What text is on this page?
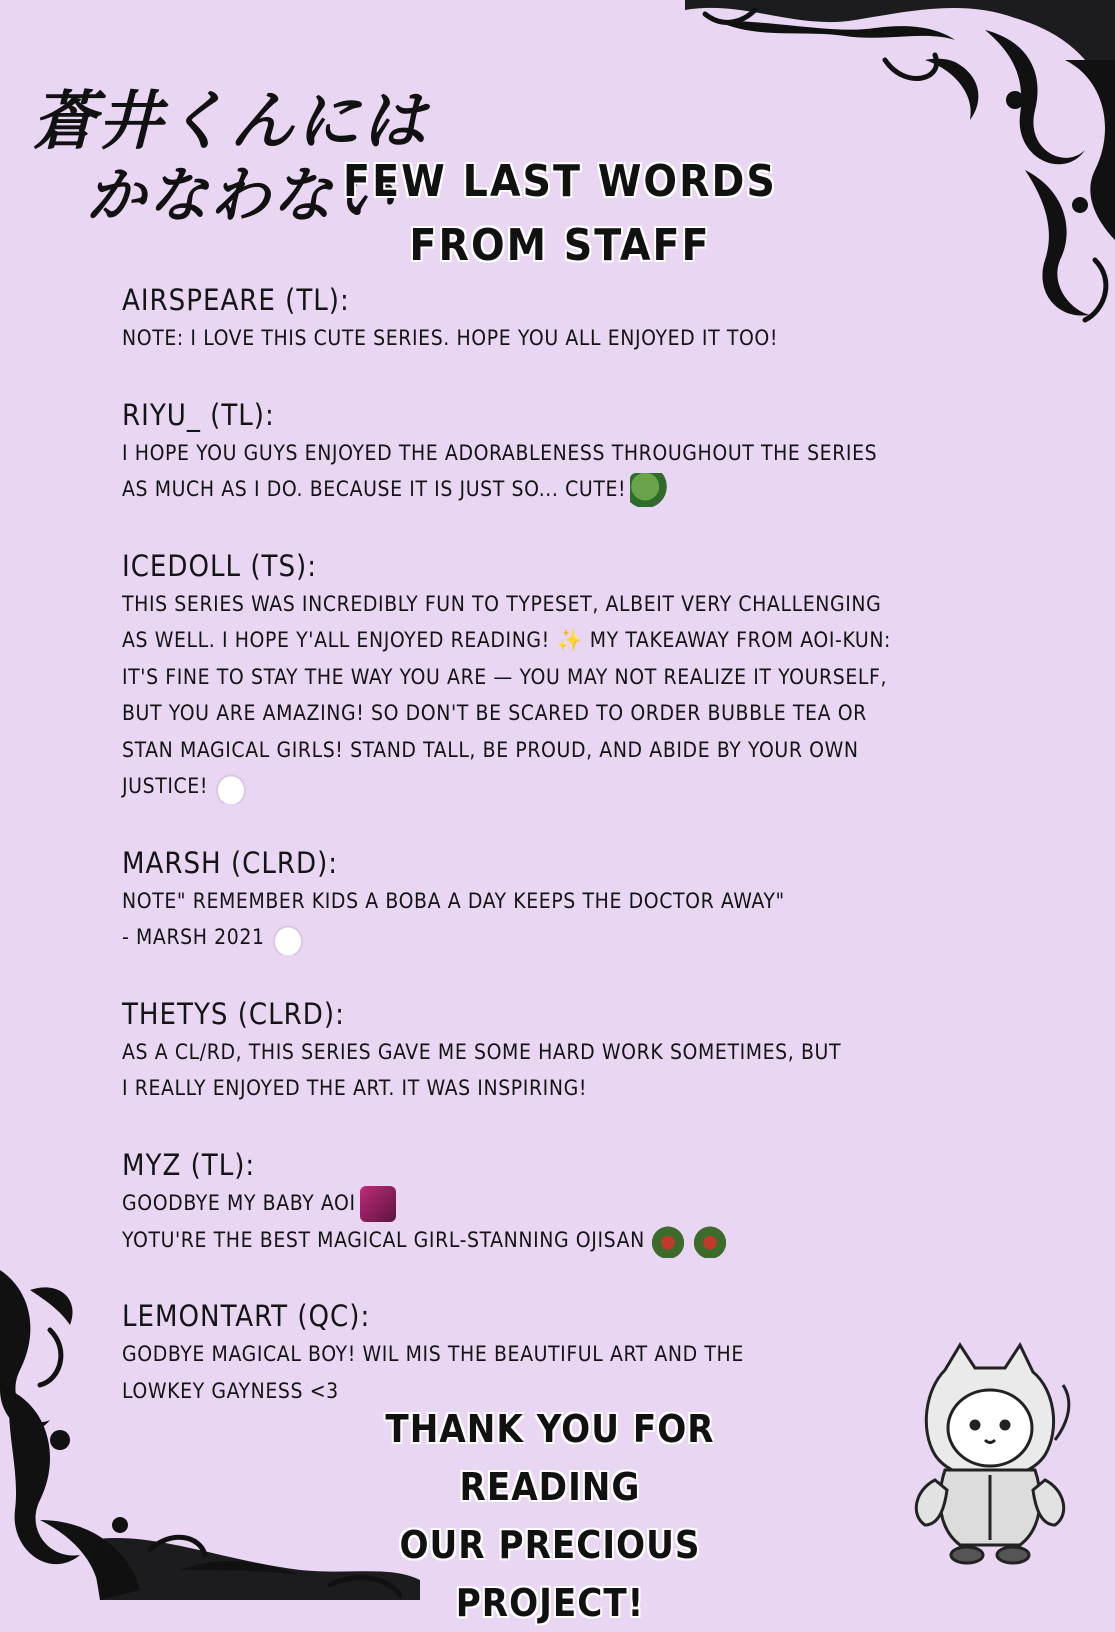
蒼井くんには
かなわない
FEW LAST WORDS
FROM STAFF
AIRSPEARE (TL):
NOTE: I LOVE THIS CUTE SERIES. HOPE YOU ALL ENJOYED IT TOO!
RIYU_ (TL):
I HOPE YOU GUYS ENJOYED THE ADORABLENESS THROUGHOUT THE SERIES
AS MUCH AS I DO. BECAUSE IT IS JUST SO... CUTE!
ICEDOLL (TS):
THIS SERIES WAS INCREDIBLY FUN TO TYPESET, ALBEIT VERY CHALLENGING
AS WELL. I HOPE Y'ALL ENJOYED READING! ✨ MY TAKEAWAY FROM AOI-KUN:
IT'S FINE TO STAY THE WAY YOU ARE — YOU MAY NOT REALIZE IT YOURSELF,
BUT YOU ARE AMAZING! SO DON'T BE SCARED TO ORDER BUBBLE TEA OR
STAN MAGICAL GIRLS! STAND TALL, BE PROUD, AND ABIDE BY YOUR OWN
JUSTICE!
MARSH (CLRD):
NOTE" REMEMBER KIDS A BOBA A DAY KEEPS THE DOCTOR AWAY"
- MARSH 2021
THETYS (CLRD):
AS A CL/RD, THIS SERIES GAVE ME SOME HARD WORK SOMETIMES, BUT
I REALLY ENJOYED THE ART. IT WAS INSPIRING!
MYZ (TL):
GOODBYE MY BABY AOI
YOTU'RE THE BEST MAGICAL GIRL-STANNING OJISAN
LEMONTART (QC):
GODBYE MAGICAL BOY! WIL MIS THE BEAUTIFUL ART AND THE
LOWKEY GAYNESS <3
THANK YOU FOR READING
OUR PRECIOUS PROJECT!
